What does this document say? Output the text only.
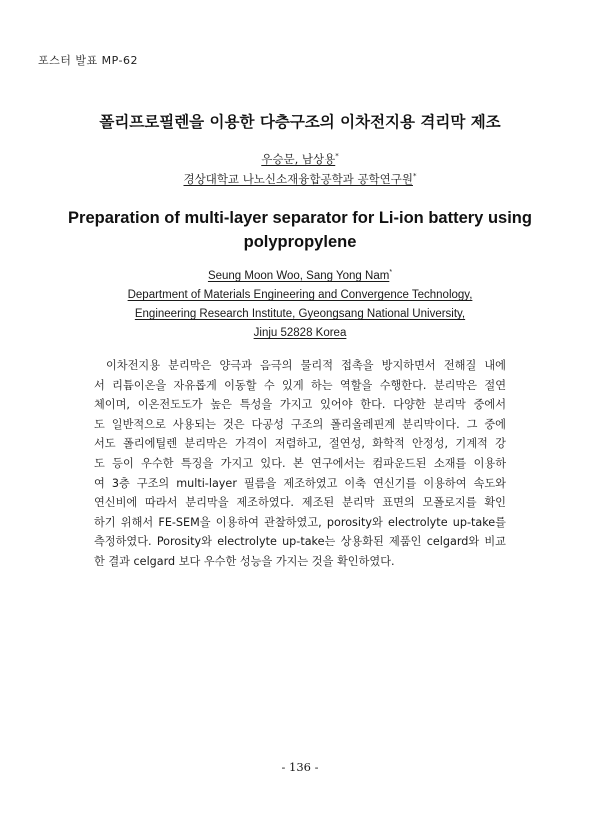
포스터 발표 MP-62
폴리프로필렌을 이용한 다층구조의 이차전지용 격리막 제조
우승문, 남상용*
경상대학교 나노신소재융합공학과 공학연구원*
Preparation of multi-layer separator for Li-ion battery using
polypropylene
Seung Moon Woo, Sang Yong Nam*
Department of Materials Engineering and Convergence Technology,
Engineering Research Institute, Gyeongsang National University,
Jinju 52828 Korea
이차전지용 분리막은 양극과 음극의 물리적 접촉을 방지하면서 전해질 내에
서 리튬이온을 자유롭게 이동할 수 있게 하는 역할을 수행한다. 분리막은 절연
체이며, 이온전도도가 높은 특성을 가지고 있어야 한다. 다양한 분리막 중에서
도 일반적으로 사용되는 것은 다공성 구조의 폴리올레핀계 분리막이다. 그 중에
서도 폴리에틸렌 분리막은 가격이 저렴하고, 절연성, 화학적 안정성, 기계적 강
도 등이 우수한 특징을 가지고 있다. 본 연구에서는 컴파운드된 소재를 이용하
여 3층 구조의 multi-layer 필름을 제조하였고 이축 연신기를 이용하여 속도와
연신비에 따라서 분리막을 제조하였다. 제조된 분리막 표면의 모폴로지를 확인
하기 위해서 FE-SEM을 이용하여 관찰하였고, porosity와 electrolyte up-take를
측정하였다. Porosity와 electrolyte up-take는 상용화된 제품인 celgard와 비교
한 결과 celgard 보다 우수한 성능을 가지는 것을 확인하였다.
- 136 -
